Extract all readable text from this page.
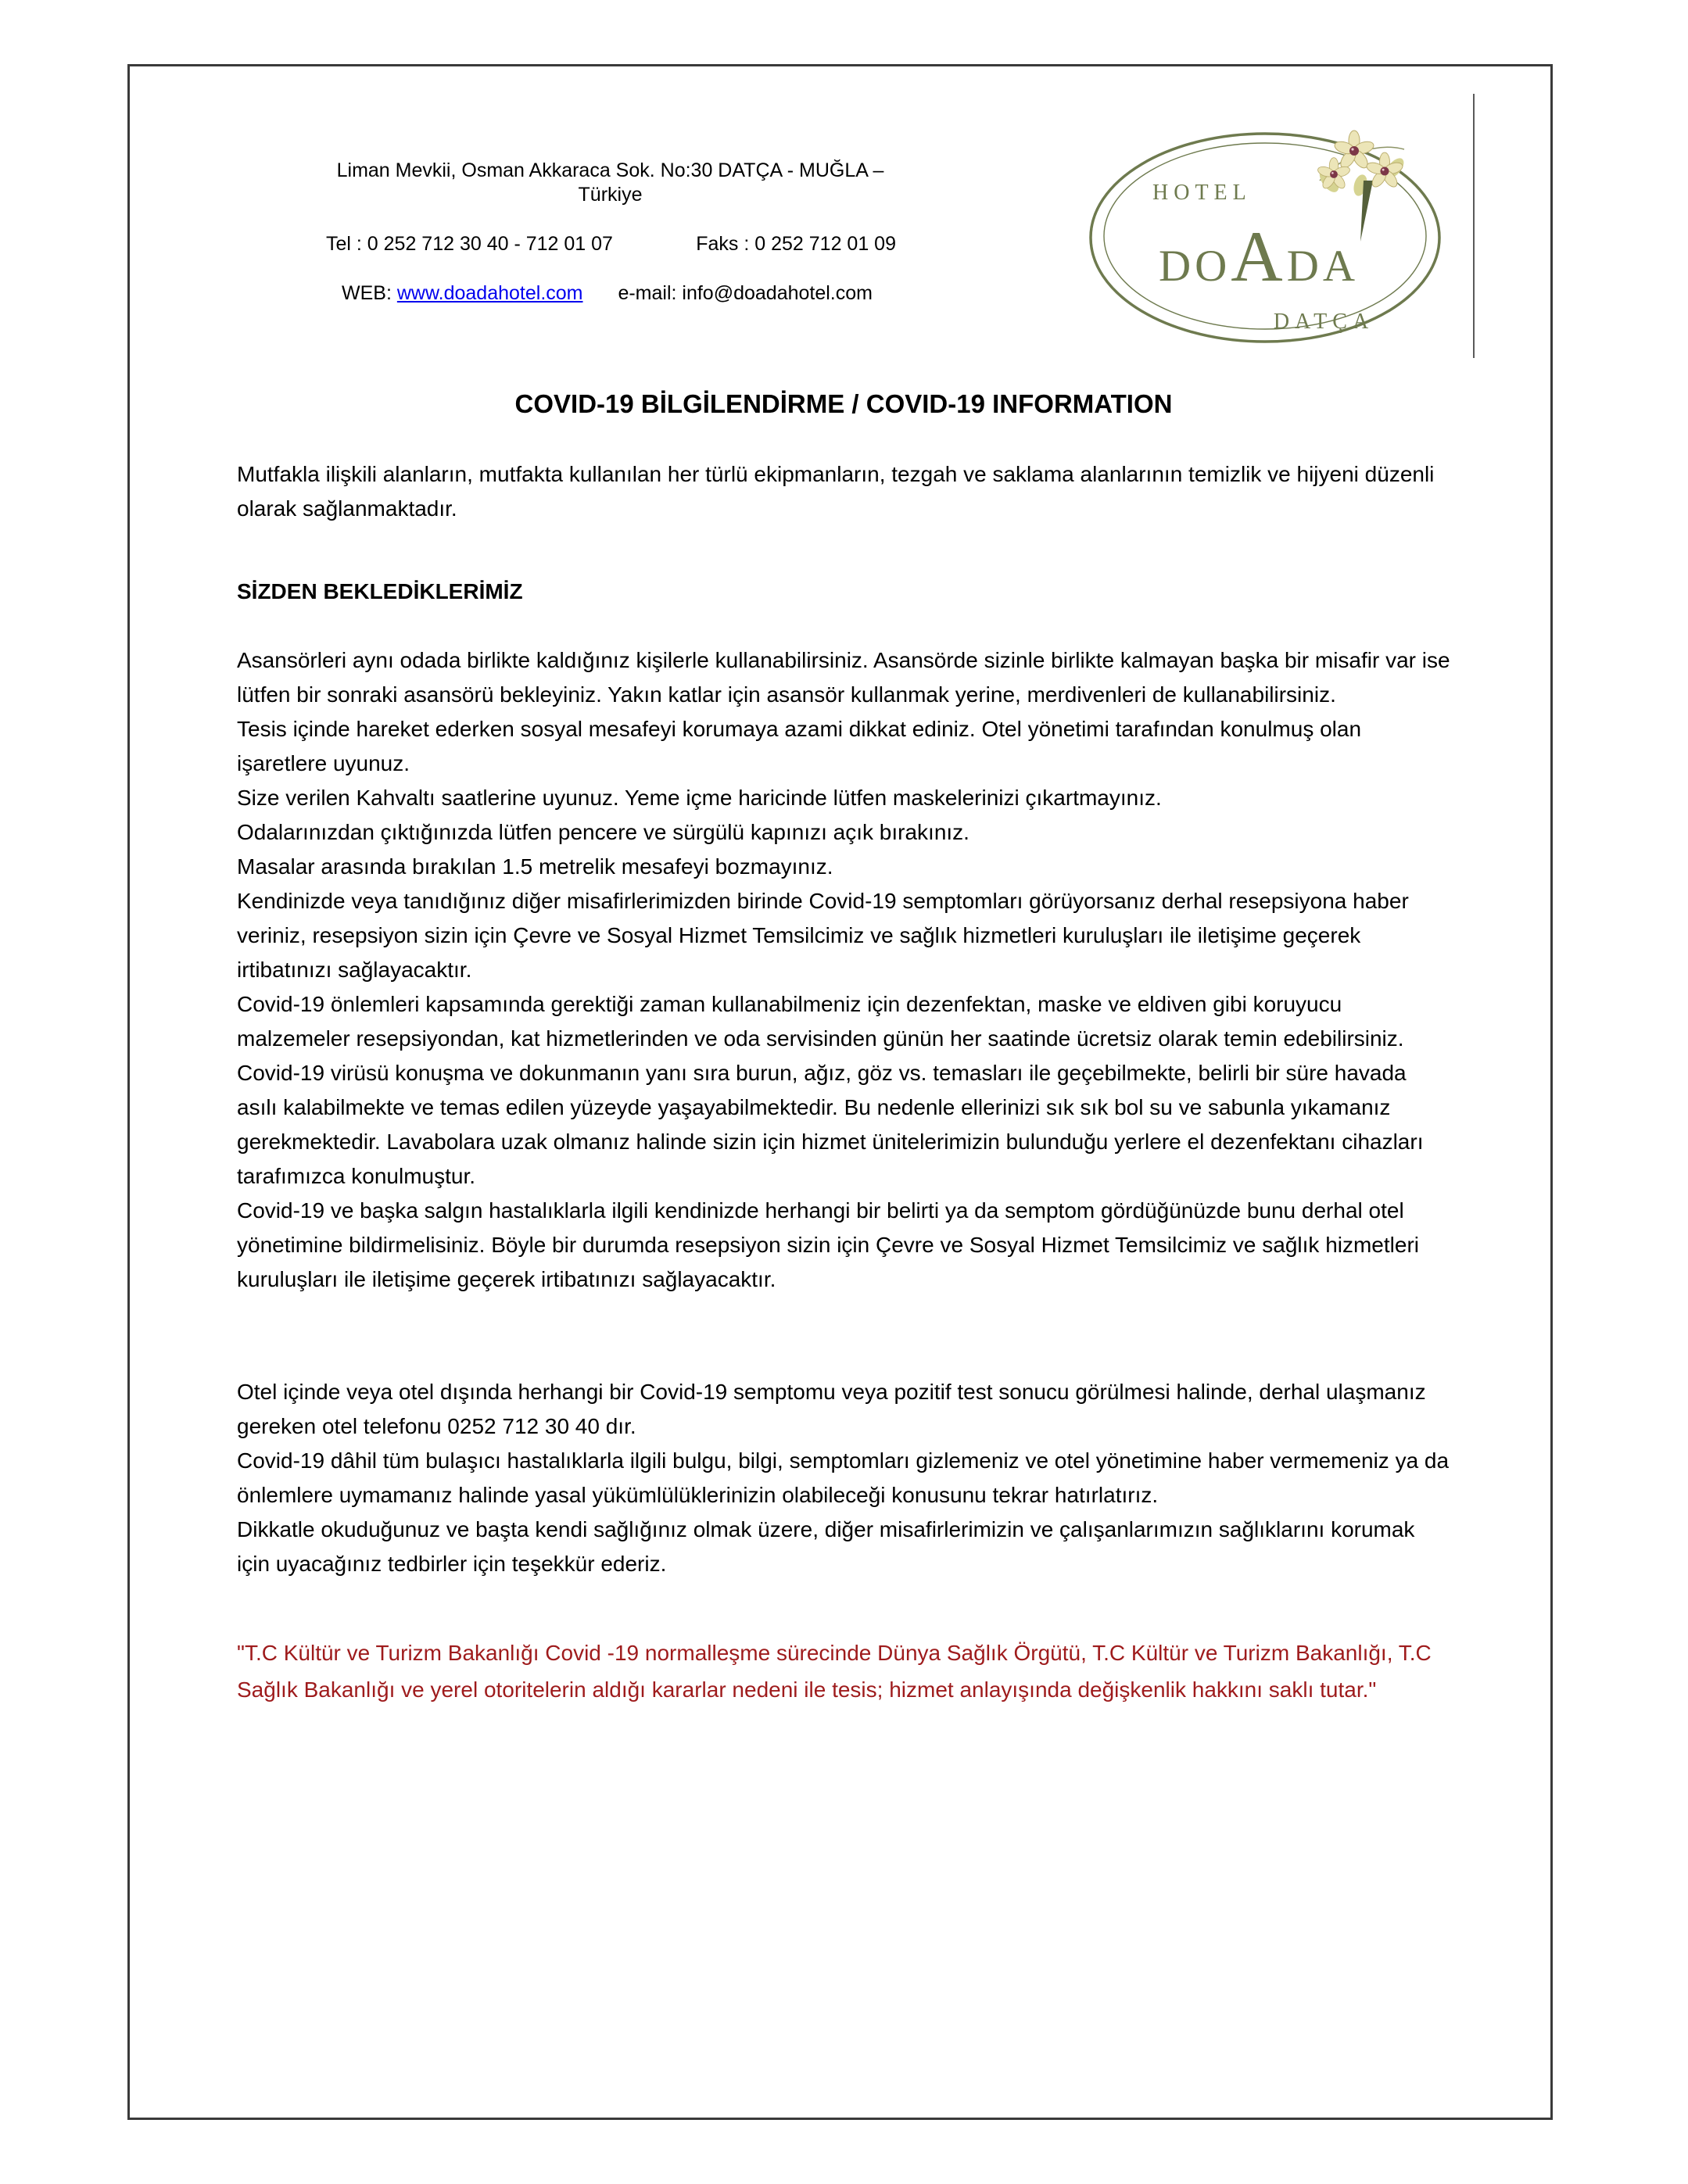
Liman Mevkii, Osman Akkaraca Sok. No:30 DATÇA - MUĞLA – Türkiye
Tel : 0 252 712 30 40 - 712 01 07	Faks : 0 252 712 01 09
WEB: www.doadahotel.com e-mail: info@doadahotel.com
HOTEL
DOADA
DATÇA
COVID-19 BİLGİLENDİRME / COVID-19 INFORMATION

Mutfakla ilişkili alanların, mutfakta kullanılan her türlü ekipmanların, tezgah ve saklama alanlarının temizlik ve hijyeni düzenli olarak sağlanmaktadır.

SİZDEN BEKLEDİKLERİMİZ

Asansörleri aynı odada birlikte kaldığınız kişilerle kullanabilirsiniz. Asansörde sizinle birlikte kalmayan başka bir misafir var ise lütfen bir sonraki asansörü bekleyiniz. Yakın katlar için asansör kullanmak yerine, merdivenleri de kullanabilirsiniz.

Tesis içinde hareket ederken sosyal mesafeyi korumaya azami dikkat ediniz. Otel yönetimi tarafından konulmuş olan işaretlere uyunuz.

Size verilen Kahvaltı saatlerine uyunuz. Yeme içme haricinde lütfen maskelerinizi çıkartmayınız.

Odalarınızdan çıktığınızda lütfen pencere ve sürgülü kapınızı açık bırakınız.

Masalar arasında bırakılan 1.5 metrelik mesafeyi bozmayınız.

Kendinizde veya tanıdığınız diğer misafirlerimizden birinde Covid-19 semptomları görüyorsanız derhal resepsiyona haber veriniz, resepsiyon sizin için Çevre ve Sosyal Hizmet Temsilcimiz ve sağlık hizmetleri kuruluşları ile iletişime geçerek irtibatınızı sağlayacaktır.

Covid-19 önlemleri kapsamında gerektiği zaman kullanabilmeniz için dezenfektan, maske ve eldiven gibi koruyucu malzemeler resepsiyondan, kat hizmetlerinden ve oda servisinden günün her saatinde ücretsiz olarak temin edebilirsiniz.

Covid-19 virüsü konuşma ve dokunmanın yanı sıra burun, ağız, göz vs. temasları ile geçebilmekte, belirli bir süre havada asılı kalabilmekte ve temas edilen yüzeyde yaşayabilmektedir. Bu nedenle ellerinizi sık sık bol su ve sabunla yıkamanız gerekmektedir. Lavabolara uzak olmanız halinde sizin için hizmet ünitelerimizin bulunduğu yerlere el dezenfektanı cihazları tarafımızca konulmuştur.

Covid-19 ve başka salgın hastalıklarla ilgili kendinizde herhangi bir belirti ya da semptom gördüğünüzde bunu derhal otel yönetimine bildirmelisiniz. Böyle bir durumda resepsiyon sizin için Çevre ve Sosyal Hizmet Temsilcimiz ve sağlık hizmetleri kuruluşları ile iletişime geçerek irtibatınızı sağlayacaktır.

Otel içinde veya otel dışında herhangi bir Covid-19 semptomu veya pozitif test sonucu görülmesi halinde, derhal ulaşmanız gereken otel telefonu 0252 712 30 40 dır.

Covid-19 dâhil tüm bulaşıcı hastalıklarla ilgili bulgu, bilgi, semptomları gizlemeniz ve otel yönetimine haber vermemeniz ya da önlemlere uymamanız halinde yasal yükümlülüklerinizin olabileceği konusunu tekrar hatırlatırız.

Dikkatle okuduğunuz ve başta kendi sağlığınız olmak üzere, diğer misafirlerimizin ve çalışanlarımızın sağlıklarını korumak için uyacağınız tedbirler için teşekkür ederiz.

"T.C Kültür ve Turizm Bakanlığı Covid -19 normalleşme sürecinde Dünya Sağlık Örgütü, T.C Kültür ve Turizm Bakanlığı, T.C Sağlık Bakanlığı ve yerel otoritelerin aldığı kararlar nedeni ile tesis; hizmet anlayışında değişkenlik hakkını saklı tutar."
